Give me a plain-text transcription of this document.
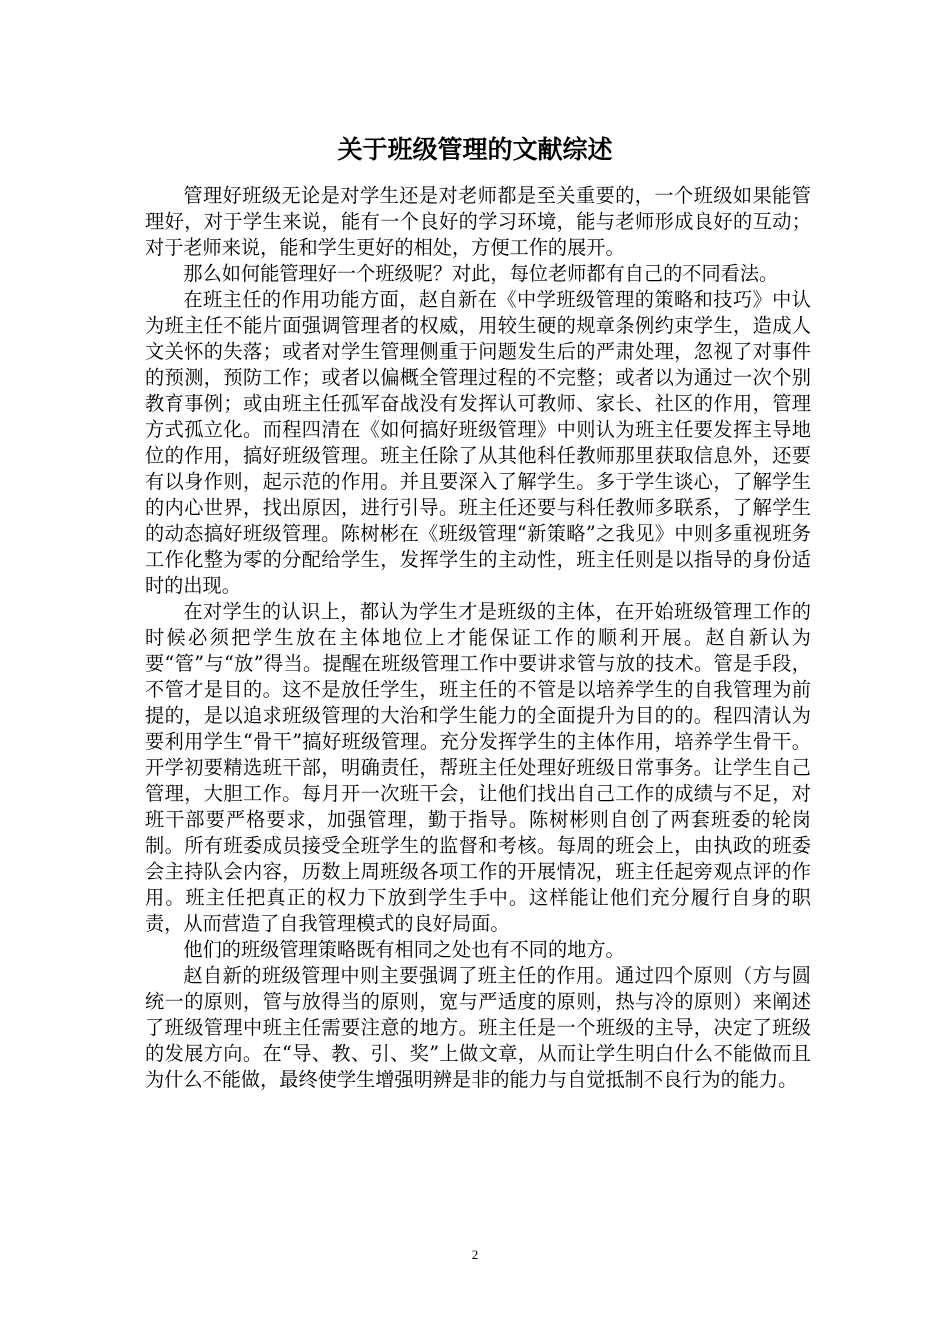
关于班级管理的文献综述

管理好班级无论是对学生还是对老师都是至关重要的，一个班级如果能管理好，对于学生来说，能有一个良好的学习环境，能与老师形成良好的互动；对于老师来说，能和学生更好的相处，方便工作的展开。

那么如何能管理好一个班级呢？对此，每位老师都有自己的不同看法。

在班主任的作用功能方面，赵自新在《中学班级管理的策略和技巧》中认为班主任不能片面强调管理者的权威，用较生硬的规章条例约束学生，造成人文关怀的失落；或者对学生管理侧重于问题发生后的严肃处理，忽视了对事件的预测，预防工作；或者以偏概全管理过程的不完整；或者以为通过一次个别教育事例；或由班主任孤军奋战没有发挥认可教师、家长、社区的作用，管理方式孤立化。而程四清在《如何搞好班级管理》中则认为班主任要发挥主导地位的作用，搞好班级管理。班主任除了从其他科任教师那里获取信息外，还要有以身作则，起示范的作用。并且要深入了解学生。多于学生谈心，了解学生的内心世界，找出原因，进行引导。班主任还要与科任教师多联系，了解学生的动态搞好班级管理。陈树彬在《班级管理“新策略”之我见》中则多重视班务工作化整为零的分配给学生，发挥学生的主动性，班主任则是以指导的身份适时的出现。

在对学生的认识上，都认为学生才是班级的主体，在开始班级管理工作的时候必须把学生放在主体地位上才能保证工作的顺利开展。赵自新认为要“管”与“放”得当。提醒在班级管理工作中要讲求管与放的技术。管是手段，不管才是目的。这不是放任学生，班主任的不管是以培养学生的自我管理为前提的，是以追求班级管理的大治和学生能力的全面提升为目的的。程四清认为要利用学生“骨干”搞好班级管理。充分发挥学生的主体作用，培养学生骨干。开学初要精选班干部，明确责任，帮班主任处理好班级日常事务。让学生自己管理，大胆工作。每月开一次班干会，让他们找出自己工作的成绩与不足，对班干部要严格要求，加强管理，勤于指导。陈树彬则自创了两套班委的轮岗制。所有班委成员接受全班学生的监督和考核。每周的班会上，由执政的班委会主持队会内容，历数上周班级各项工作的开展情况，班主任起旁观点评的作用。班主任把真正的权力下放到学生手中。这样能让他们充分履行自身的职责，从而营造了自我管理模式的良好局面。

他们的班级管理策略既有相同之处也有不同的地方。

赵自新的班级管理中则主要强调了班主任的作用。通过四个原则（方与圆统一的原则，管与放得当的原则，宽与严适度的原则，热与冷的原则）来阐述了班级管理中班主任需要注意的地方。班主任是一个班级的主导，决定了班级的发展方向。在“导、教、引、奖”上做文章，从而让学生明白什么不能做而且为什么不能做，最终使学生增强明辨是非的能力与自觉抵制不良行为的能力。

2
